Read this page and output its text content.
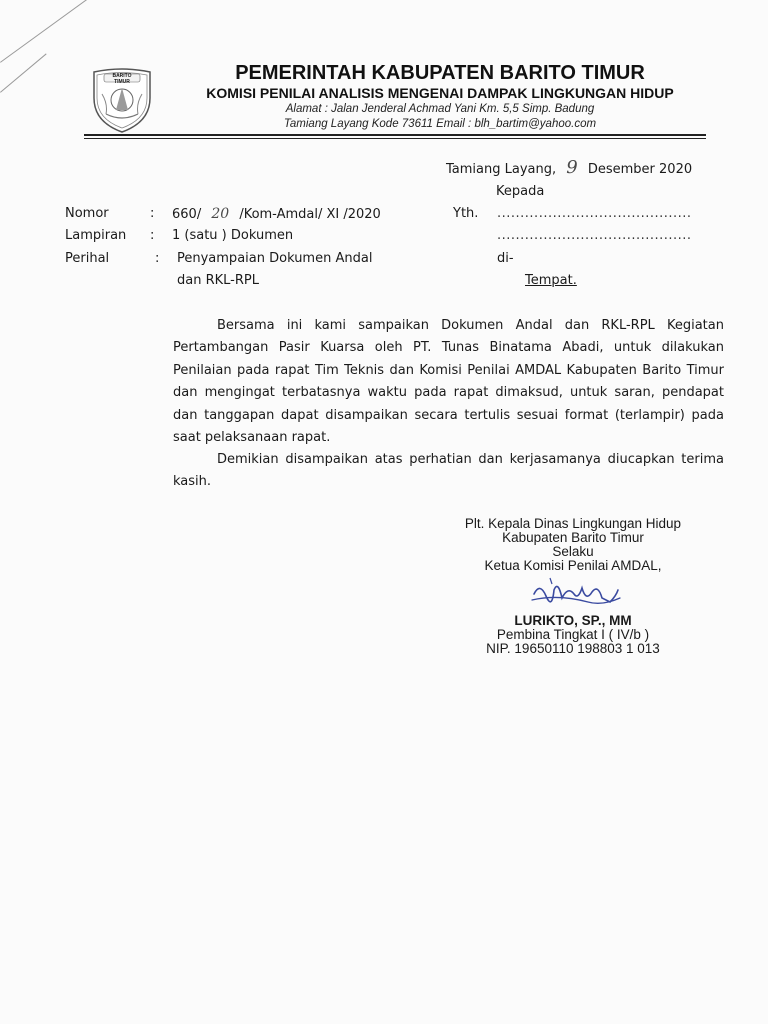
BARITO TIMUR	PEMERINTAH KABUPATEN BARITO TIMUR
KOMISI PENILAI ANALISIS MENGENAI DAMPAK LINGKUNGAN HIDUP
Alamat : Jalan Jenderal Achmad Yani Km. 5,5 Simp. Badung
Tamiang Layang Kode 73611 Email : blh_bartim@yahoo.com
Tamiang Layang, 9 Desember 2020
Kepada
Yth. ..........................................
..........................................
di-
Tempat.
Nomor	: 660/ 20 /Kom-Amdal/ XI /2020
Lampiran : 1 (satu ) Dokumen
Perihal	: Penyampaian Dokumen Andal
dan RKL-RPL
Bersama ini kami sampaikan Dokumen Andal dan RKL-RPL Kegiatan Pertambangan Pasir Kuarsa oleh PT. Tunas Binatama Abadi, untuk dilakukan Penilaian pada rapat Tim Teknis dan Komisi Penilai AMDAL Kabupaten Barito Timur dan mengingat terbatasnya waktu pada rapat dimaksud, untuk saran, pendapat dan tanggapan dapat disampaikan secara tertulis sesuai format (terlampir) pada saat pelaksanaan rapat.
Demikian disampaikan atas perhatian dan kerjasamanya diucapkan terima kasih.
Plt. Kepala Dinas Lingkungan Hidup
Kabupaten Barito Timur
Selaku
Ketua Komisi Penilai AMDAL,
LURIKTO, SP., MM
Pembina Tingkat I ( IV/b )
NIP. 19650110 198803 1 013
